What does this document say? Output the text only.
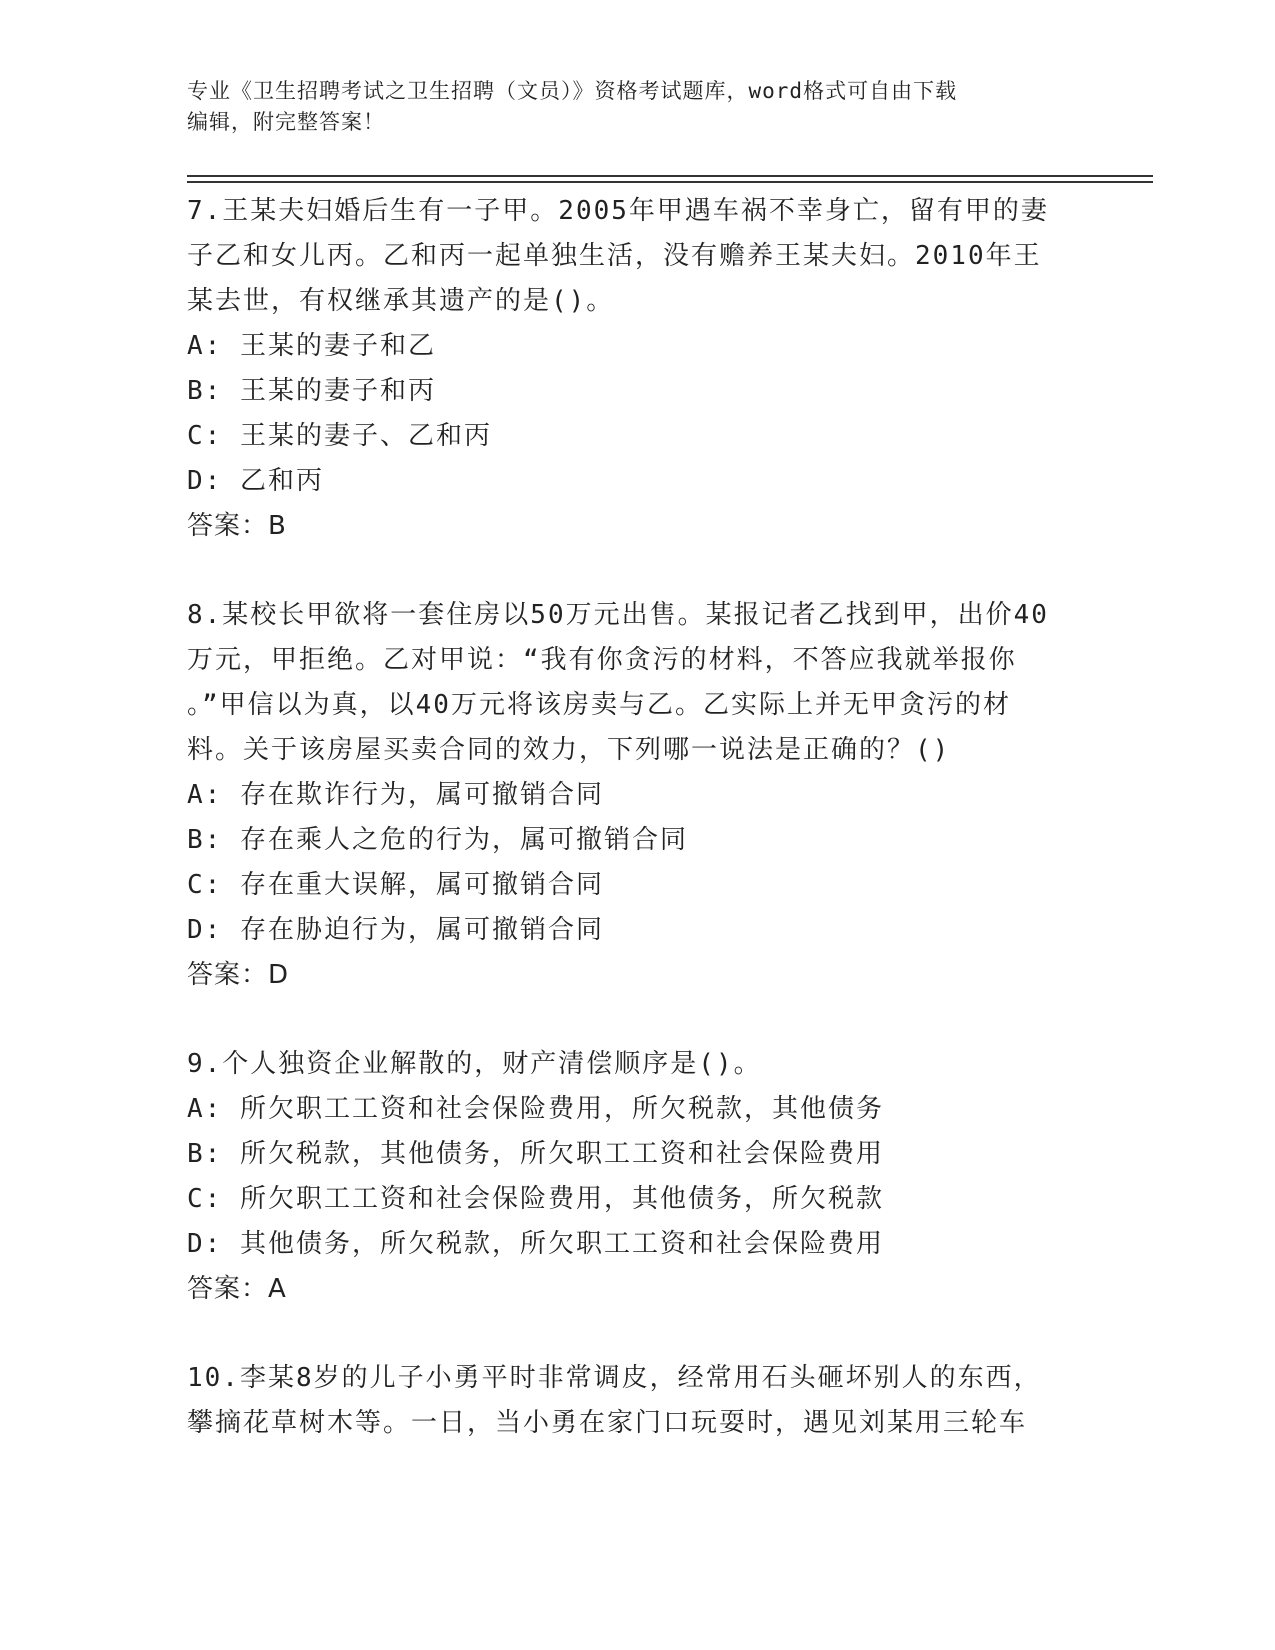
专业《卫生招聘考试之卫生招聘（文员）》资格考试题库，word格式可自由下载
编辑，附完整答案！
7.王某夫妇婚后生有一子甲。2005年甲遇车祸不幸身亡，留有甲的妻
子乙和女儿丙。乙和丙一起单独生活，没有赡养王某夫妇。2010年王
某去世，有权继承其遗产的是()。
A: 王某的妻子和乙
B: 王某的妻子和丙
C: 王某的妻子、乙和丙
D: 乙和丙
答案：B
8.某校长甲欲将一套住房以50万元出售。某报记者乙找到甲，出价40
万元，甲拒绝。乙对甲说：“我有你贪污的材料，不答应我就举报你
。”甲信以为真，以40万元将该房卖与乙。乙实际上并无甲贪污的材
料。关于该房屋买卖合同的效力，下列哪一说法是正确的？()
A: 存在欺诈行为，属可撤销合同
B: 存在乘人之危的行为，属可撤销合同
C: 存在重大误解，属可撤销合同
D: 存在胁迫行为，属可撤销合同
答案：D
9.个人独资企业解散的，财产清偿顺序是()。
A: 所欠职工工资和社会保险费用，所欠税款，其他债务
B: 所欠税款，其他债务，所欠职工工资和社会保险费用
C: 所欠职工工资和社会保险费用，其他债务，所欠税款
D: 其他债务，所欠税款，所欠职工工资和社会保险费用
答案：A
10.李某8岁的儿子小勇平时非常调皮，经常用石头砸坏别人的东西，
攀摘花草树木等。一日，当小勇在家门口玩耍时，遇见刘某用三轮车
